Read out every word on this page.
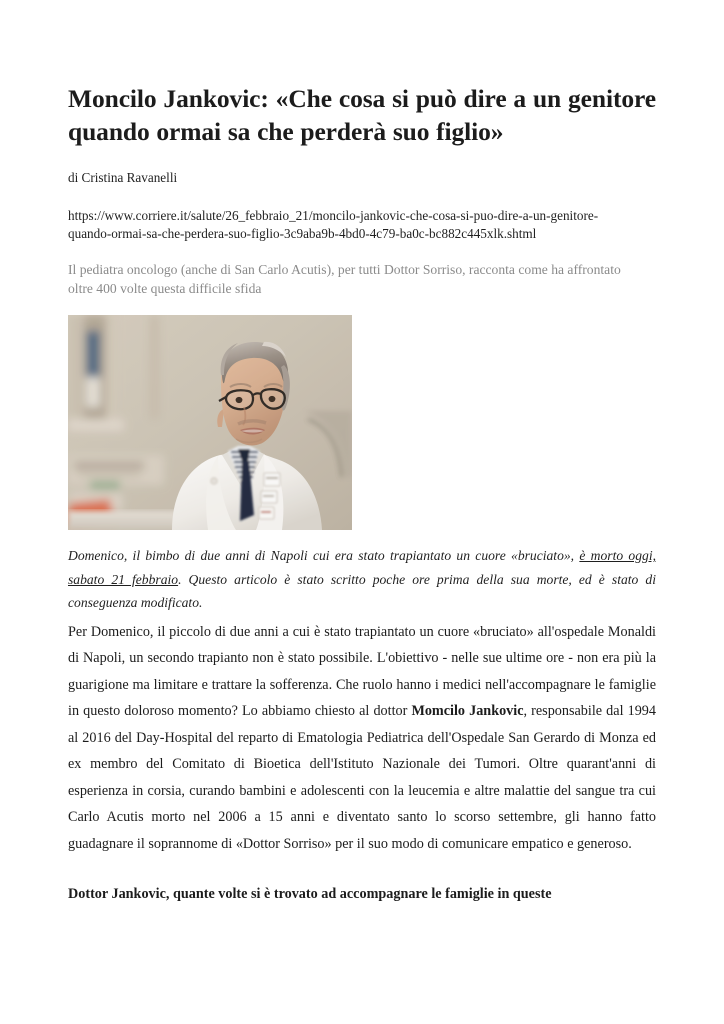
Moncilo Jankovic: «Che cosa si può dire a un genitore quando ormai sa che perderà suo figlio»

di Cristina Ravanelli

https://www.corriere.it/salute/26_febbraio_21/moncilo-jankovic-che-cosa-si-puo-dire-a-un-genitore-quando-ormai-sa-che-perdera-suo-figlio-3c9aba9b-4bd0-4c79-ba0c-bc882c445xlk.shtml

Il pediatra oncologo (anche di San Carlo Acutis), per tutti Dottor Sorriso, racconta come ha affrontato oltre 400 volte questa difficile sfida

Domenico, il bimbo di due anni di Napoli cui era stato trapiantato un cuore «bruciato», è morto oggi, sabato 21 febbraio. Questo articolo è stato scritto poche ore prima della sua morte, ed è stato di conseguenza modificato.

Per Domenico, il piccolo di due anni a cui è stato trapiantato un cuore «bruciato» all'ospedale Monaldi di Napoli, un secondo trapianto non è stato possibile. L'obiettivo - nelle sue ultime ore - non era più la guarigione ma limitare e trattare la sofferenza. Che ruolo hanno i medici nell'accompagnare le famiglie in questo doloroso momento? Lo abbiamo chiesto al dottor Momcilo Jankovic, responsabile dal 1994 al 2016 del Day-Hospital del reparto di Ematologia Pediatrica dell'Ospedale San Gerardo di Monza ed ex membro del Comitato di Bioetica dell'Istituto Nazionale dei Tumori. Oltre quarant'anni di esperienza in corsia, curando bambini e adolescenti con la leucemia e altre malattie del sangue tra cui Carlo Acutis morto nel 2006 a 15 anni e diventato santo lo scorso settembre, gli hanno fatto guadagnare il soprannome di «Dottor Sorriso» per il suo modo di comunicare empatico e generoso.

Dottor Jankovic, quante volte si è trovato ad accompagnare le famiglie in queste
